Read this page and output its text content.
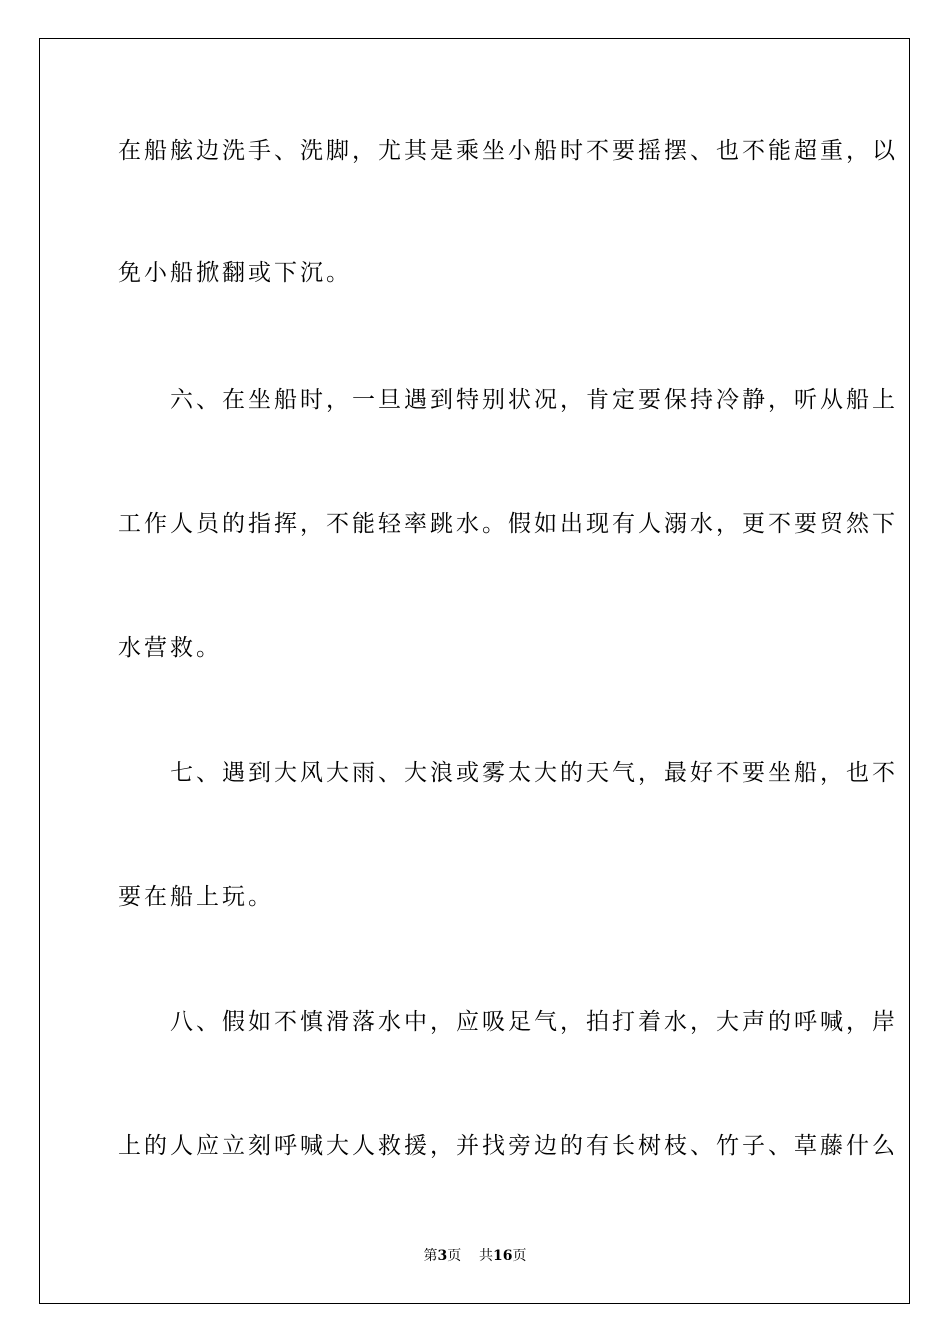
在船舷边洗手、洗脚，尤其是乘坐小船时不要摇摆、也不能超重，以
免小船掀翻或下沉。
　　六、在坐船时，一旦遇到特别状况，肯定要保持冷静，听从船上
工作人员的指挥，不能轻率跳水。假如出现有人溺水，更不要贸然下
水营救。
　　七、遇到大风大雨、大浪或雾太大的天气，最好不要坐船，也不
要在船上玩。
　　八、假如不慎滑落水中，应吸足气，拍打着水，大声的呼喊，岸
上的人应立刻呼喊大人救援，并找旁边的有长树枝、竹子、草藤什么
第3页 共16页
